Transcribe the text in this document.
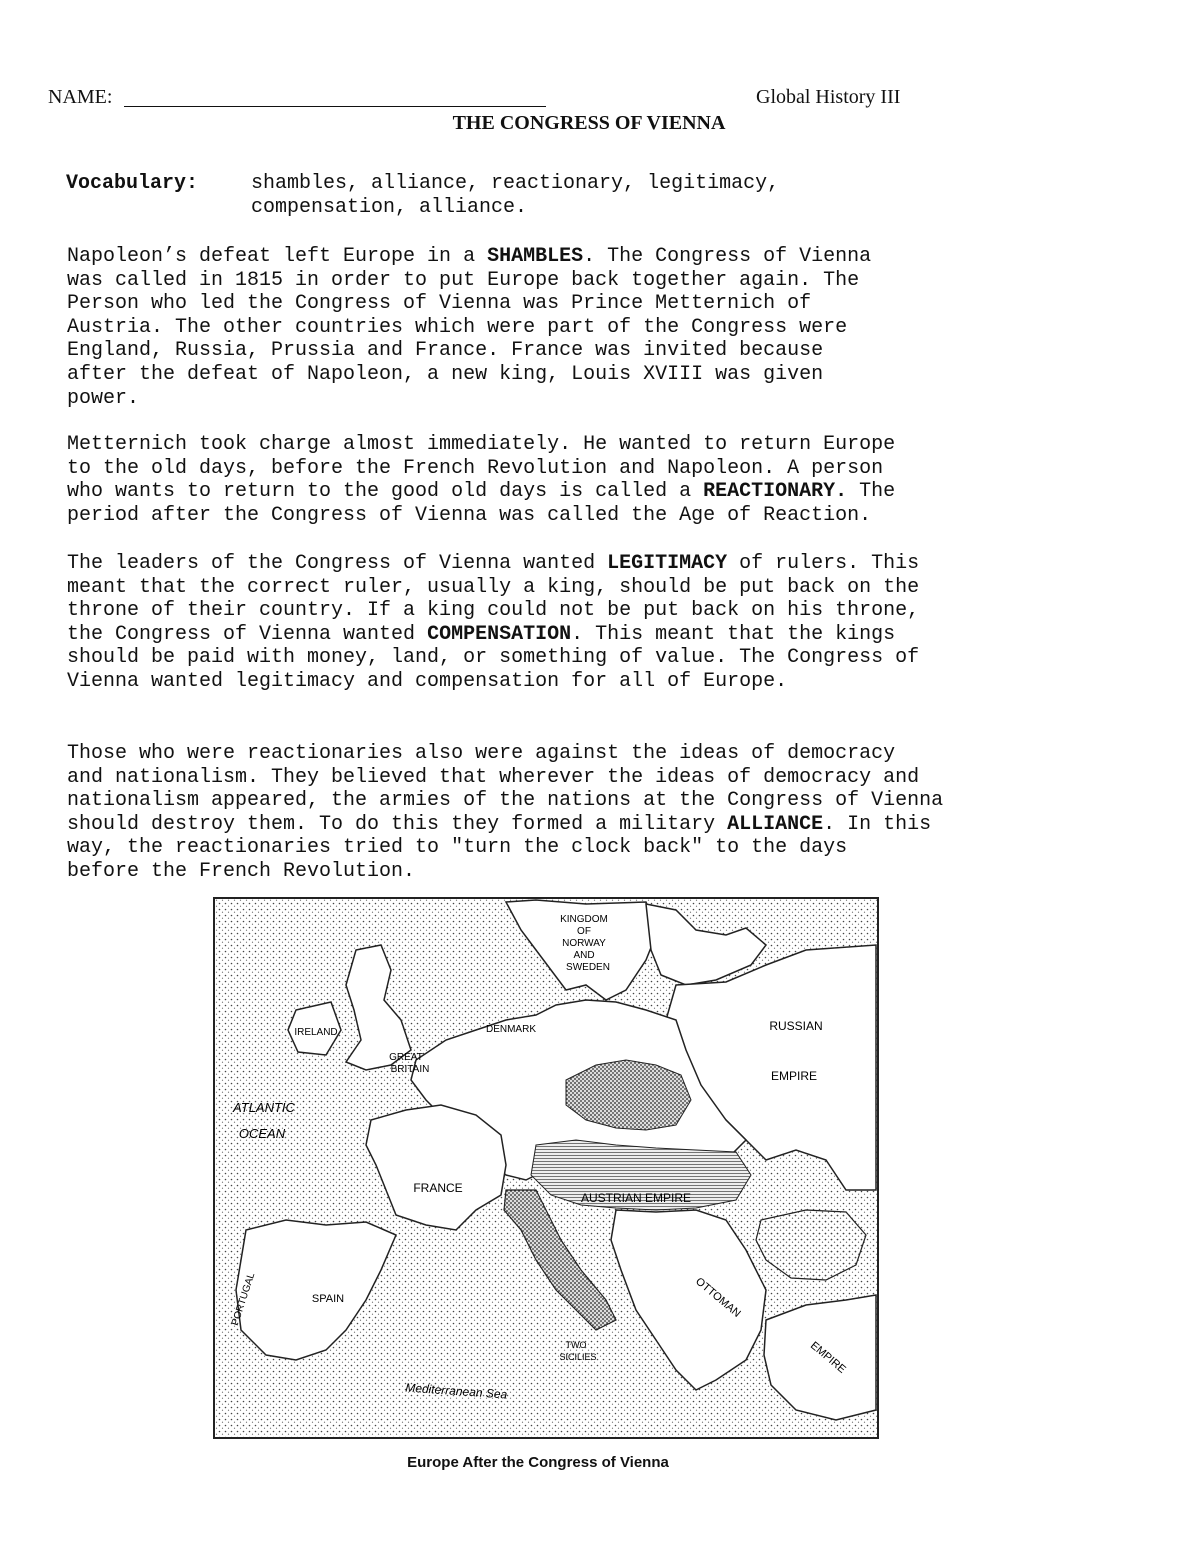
NAME:	Global History III
THE CONGRESS OF VIENNA
Vocabulary:	shambles, alliance, reactionary, legitimacy,
compensation, alliance.

Napoleon’s defeat left Europe in a SHAMBLES. The Congress of Vienna
was called in 1815 in order to put Europe back together again. The
Person who led the Congress of Vienna was Prince Metternich of
Austria. The other countries which were part of the Congress were
England, Russia, Prussia and France. France was invited because
after the defeat of Napoleon, a new king, Louis XVIII was given
power.

Metternich took charge almost immediately. He wanted to return Europe
to the old days, before the French Revolution and Napoleon. A person
who wants to return to the good old days is called a REACTIONARY. The
period after the Congress of Vienna was called the Age of Reaction.

The leaders of the Congress of Vienna wanted LEGITIMACY of rulers. This
meant that the correct ruler, usually a king, should be put back on the
throne of their country. If a king could not be put back on his throne,
the Congress of Vienna wanted COMPENSATION. This meant that the kings
should be paid with money, land, or something of value. The Congress of
Vienna wanted legitimacy and compensation for all of Europe.

Those who were reactionaries also were against the ideas of democracy
and nationalism. They believed that wherever the ideas of democracy and
nationalism appeared, the armies of the nations at the Congress of Vienna
should destroy them. To do this they formed a military ALLIANCE. In this
way, the reactionaries tried to "turn the clock back" to the days
before the French Revolution.

KINGDOM
OF
NORWAY
AND
SWEDEN
RUSSIAN
EMPIRE
IRELAND
GREAT
BRITAIN
DENMARK
ATLANTIC
OCEAN
FRANCE
AUSTRIAN EMPIRE
SPAIN
PORTUGAL	OTTOMAN
EMPIRE
TWO
SICILIES
Mediterranean Sea
Europe After the Congress of Vienna
